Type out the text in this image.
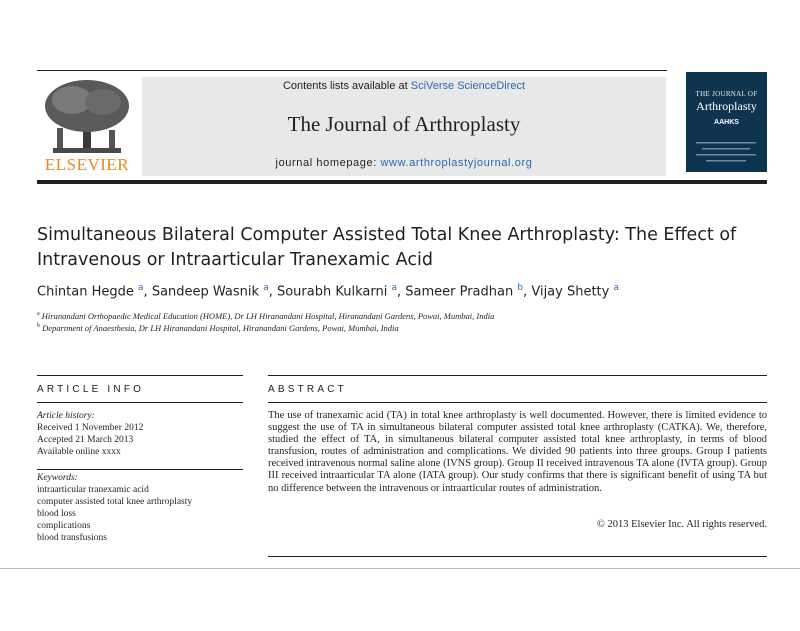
ELSEVIER
Contents lists available at SciVerse ScienceDirect
The Journal of Arthroplasty
journal homepage: www.arthroplastyjournal.org
THE JOURNAL OF
Arthroplasty
AAHKS
Simultaneous Bilateral Computer Assisted Total Knee Arthroplasty: The Effect of
Intravenous or Intraarticular Tranexamic Acid
Chintan Hegde $^a$, Sandeep Wasnik $^a$, Sourabh Kulkarni $^a$, Sameer Pradhan $^b$, Vijay Shetty $^a$
$^a$ Hiranandani Orthopaedic Medical Education (HOME), Dr LH Hiranandani Hospital, Hiranandani Gardens, Powai, Mumbai, India
$^b$ Department of Anaesthesia, Dr LH Hiranandani Hospital, Hiranandani Gardens, Powai, Mumbai, India
ARTICLE INFO
Article history:
Received 1 November 2012
Accepted 21 March 2013
Available online xxxx
Keywords:
intraarticular tranexamic acid
computer assisted total knee arthroplasty
blood loss
complications
blood transfusions
ABSTRACT
The use of tranexamic acid (TA) in total knee arthroplasty is well documented. However, there is limited evidence to suggest the use of TA in simultaneous bilateral computer assisted total knee arthroplasty (CATKA). We, therefore, studied the effect of TA, in simultaneous bilateral computer assisted total knee arthroplasty, in terms of blood transfusion, routes of administration and complications. We divided 90 patients into three groups. Group I patients received intravenous normal saline alone (IVNS group). Group II received intravenous TA alone (IVTA group). Group III received intraarticular TA alone (IATA group). Our study confirms that there is significant benefit of using TA but no difference between the intravenous or intraarticular routes of administration.
© 2013 Elsevier Inc. All rights reserved.
